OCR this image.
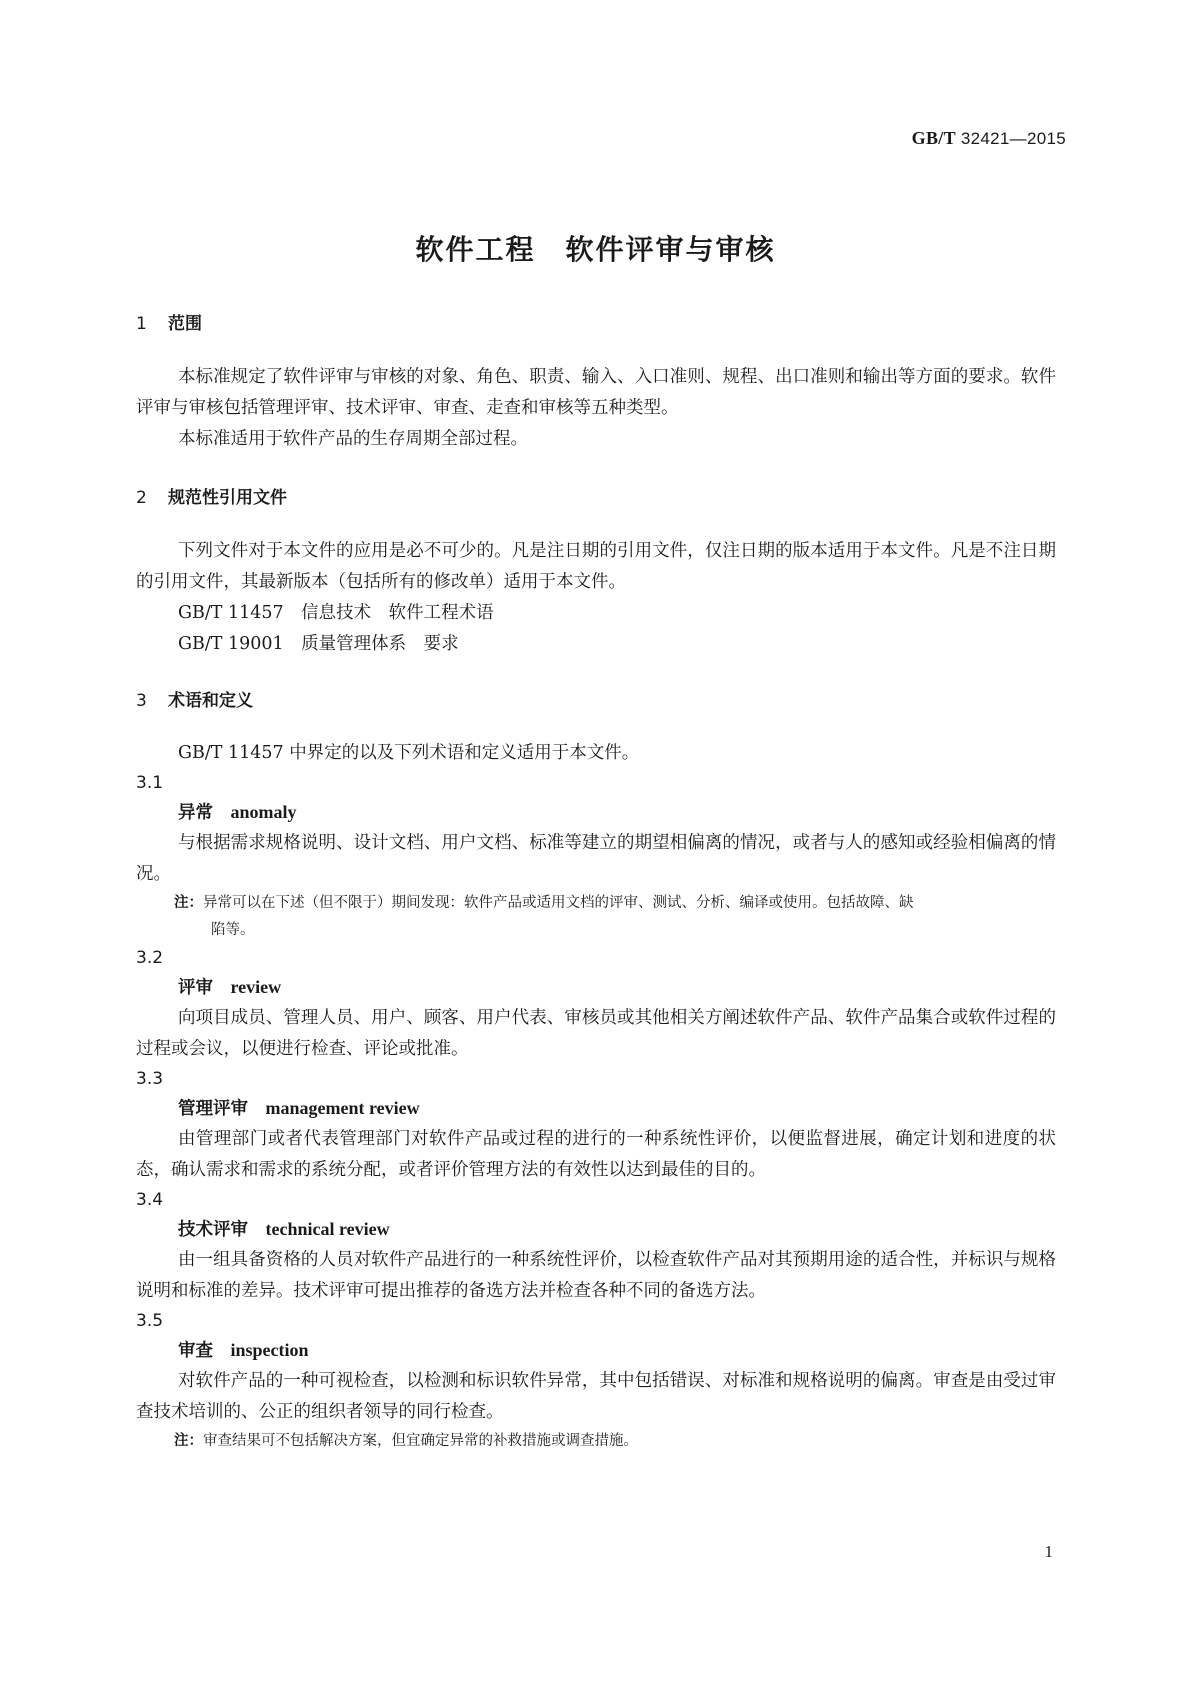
GB/T 32421—2015
软件工程　软件评审与审核
1 范围

本标准规定了软件评审与审核的对象、角色、职责、输入、入口准则、规程、出口准则和输出等方面的要求。软件评审与审核包括管理评审、技术评审、审查、走查和审核等五种类型。

本标准适用于软件产品的生存周期全部过程。

2 规范性引用文件

下列文件对于本文件的应用是必不可少的。凡是注日期的引用文件，仅注日期的版本适用于本文件。凡是不注日期的引用文件，其最新版本（包括所有的修改单）适用于本文件。

GB/T 11457　信息技术　软件工程术语

GB/T 19001　质量管理体系　要求

3 术语和定义

GB/T 11457 中界定的以及下列术语和定义适用于本文件。

3.1

异常　 anomaly

与根据需求规格说明、设计文档、用户文档、标准等建立的期望相偏离的情况，或者与人的感知或经验相偏离的情况。

注：异常可以在下述（但不限于）期间发现：软件产品或适用文档的评审、测试、分析、编译或使用。包括故障、缺
陷等。

3.2

评审　 review

向项目成员、管理人员、用户、顾客、用户代表、审核员或其他相关方阐述软件产品、软件产品集合或软件过程的过程或会议，以便进行检查、评论或批准。

3.3

管理评审　 management review

由管理部门或者代表管理部门对软件产品或过程的进行的一种系统性评价，以便监督进展，确定计划和进度的状态，确认需求和需求的系统分配，或者评价管理方法的有效性以达到最佳的目的。

3.4

技术评审　 technical review

由一组具备资格的人员对软件产品进行的一种系统性评价，以检查软件产品对其预期用途的适合性，并标识与规格说明和标准的差异。技术评审可提出推荐的备选方法并检查各种不同的备选方法。

3.5

审查　 inspection

对软件产品的一种可视检查，以检测和标识软件异常，其中包括错误、对标准和规格说明的偏离。审查是由受过审查技术培训的、公正的组织者领导的同行检查。

注：审查结果可不包括解决方案，但宜确定异常的补救措施或调查措施。

1
